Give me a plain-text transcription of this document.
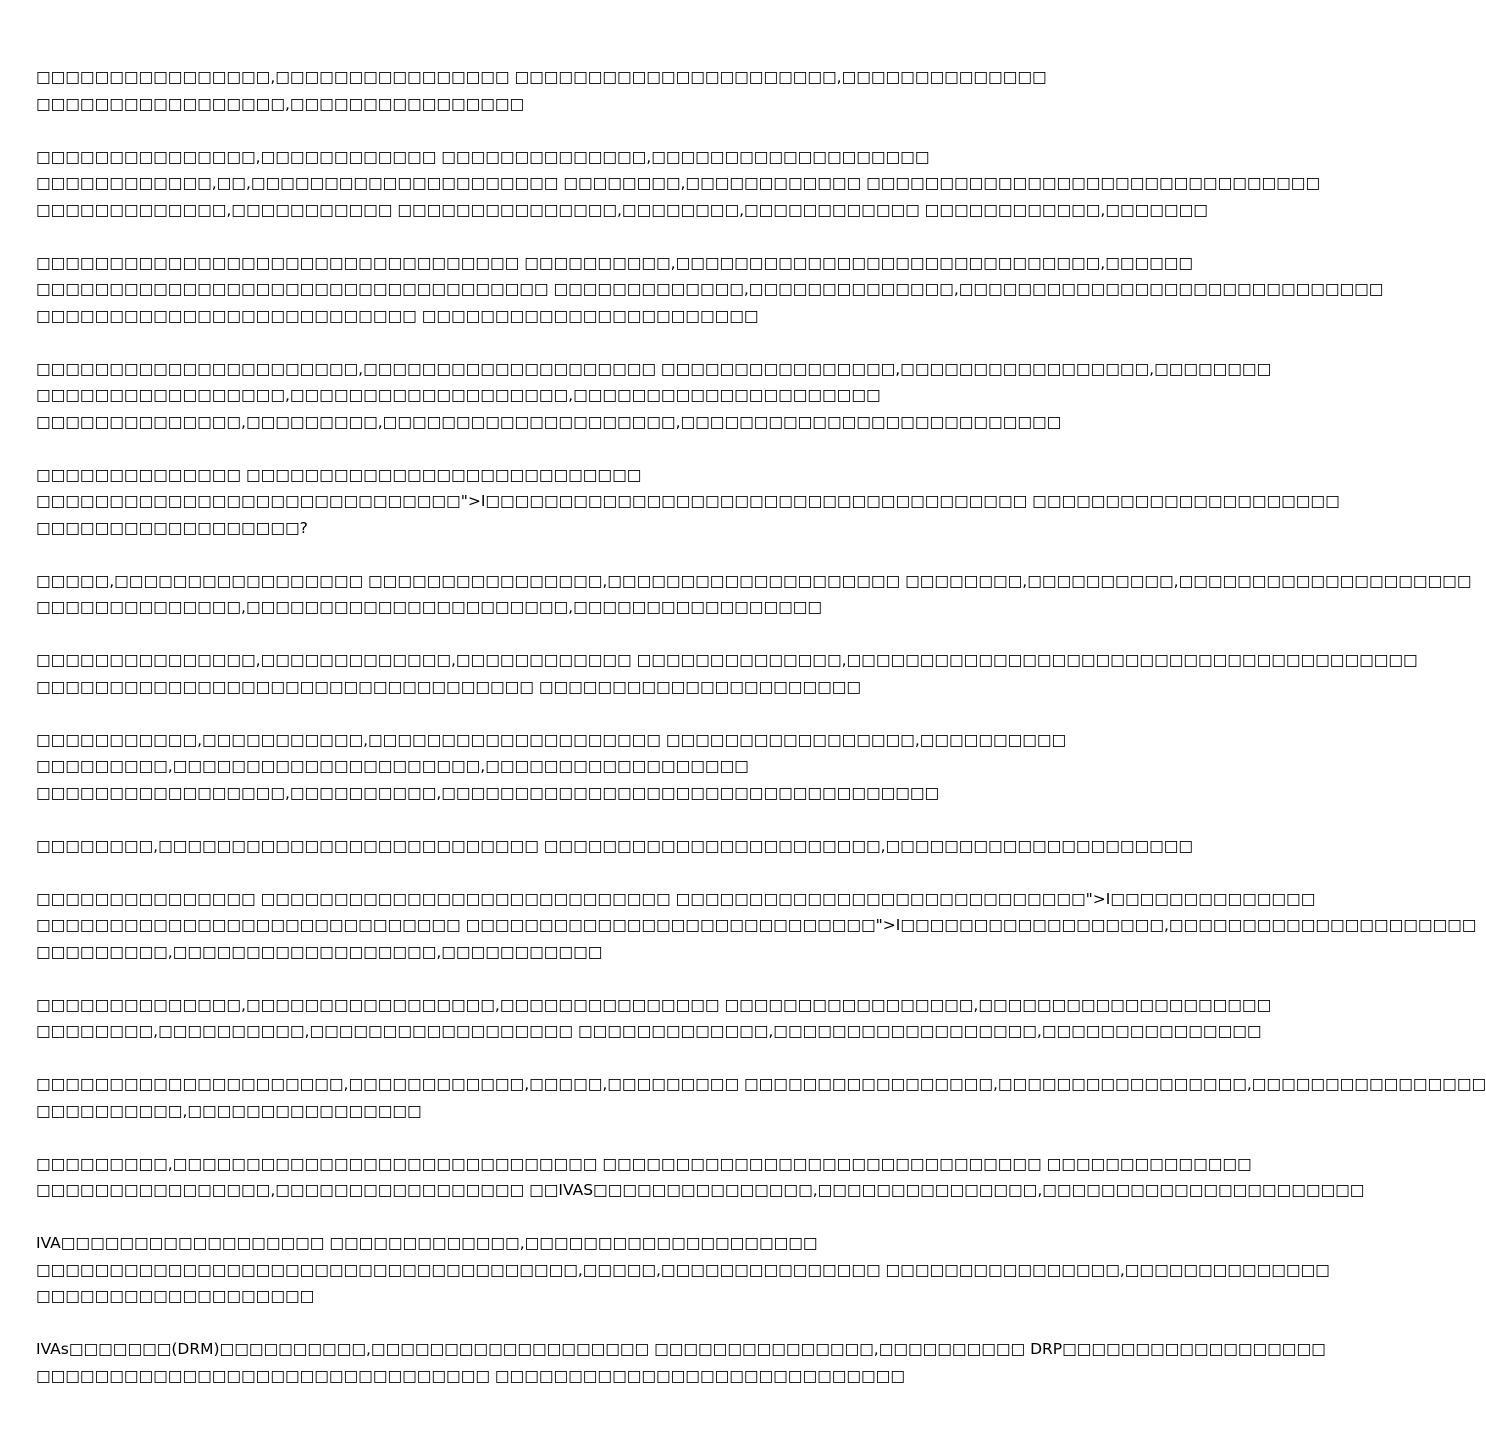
□□□□□□□□□□□□□□□□,□□□□□□□□□□□□□□□□ □□□□□□□□□□□□□□□□□□□□□□,□□□□□□□□□□□□□□
□□□□□□□□□□□□□□□□□,□□□□□□□□□□□□□□□□

□□□□□□□□□□□□□□□,□□□□□□□□□□□□ □□□□□□□□□□□□□□,□□□□□□□□□□□□□□□□□□□
□□□□□□□□□□□□,□□,□□□□□□□□□□□□□□□□□□□□□ □□□□□□□□,□□□□□□□□□□□□ □□□□□□□□□□□□□□□□□□□□□□□□□□□□□□□
□□□□□□□□□□□□□,□□□□□□□□□□□ □□□□□□□□□□□□□□□,□□□□□□□□,□□□□□□□□□□□□ □□□□□□□□□□□□,□□□□□□□

□□□□□□□□□□□□□□□□□□□□□□□□□□□□□□□□□ □□□□□□□□□□,□□□□□□□□□□□□□□□□□□□□□□□□□□□□□,□□□□□□
□□□□□□□□□□□□□□□□□□□□□□□□□□□□□□□□□□□ □□□□□□□□□□□□□,□□□□□□□□□□□□□□,□□□□□□□□□□□□□□□□□□□□□□□□□□□□□
□□□□□□□□□□□□□□□□□□□□□□□□□□ □□□□□□□□□□□□□□□□□□□□□□□

□□□□□□□□□□□□□□□□□□□□□□,□□□□□□□□□□□□□□□□□□□□ □□□□□□□□□□□□□□□□,□□□□□□□□□□□□□□□□□,□□□□□□□□
□□□□□□□□□□□□□□□□□,□□□□□□□□□□□□□□□□□□□,□□□□□□□□□□□□□□□□□□□□□
□□□□□□□□□□□□□□,□□□□□□□□□,□□□□□□□□□□□□□□□□□□□□,□□□□□□□□□□□□□□□□□□□□□□□□□□

□□□□□□□□□□□□□□ □□□□□□□□□□□□□□□□□□□□□□□□□□□
□□□□□□□□□□□□□□□□□□□□□□□□□□□□□">I□□□□□□□□□□□□□□□□□□□□□□□□□□□□□□□□□□□□□ □□□□□□□□□□□□□□□□□□□□□
□□□□□□□□□□□□□□□□□□?

□□□□□,□□□□□□□□□□□□□□□□□ □□□□□□□□□□□□□□□□,□□□□□□□□□□□□□□□□□□□□ □□□□□□□□,□□□□□□□□□□,□□□□□□□□□□□□□□□□□□□□
□□□□□□□□□□□□□□,□□□□□□□□□□□□□□□□□□□□□□,□□□□□□□□□□□□□□□□□

□□□□□□□□□□□□□□□,□□□□□□□□□□□□□,□□□□□□□□□□□□ □□□□□□□□□□□□□□,□□□□□□□□□□□□□□□□□□□□□□□□□□□□□□□□□□□□□□□
□□□□□□□□□□□□□□□□□□□□□□□□□□□□□□□□□□ □□□□□□□□□□□□□□□□□□□□□□

□□□□□□□□□□□,□□□□□□□□□□□,□□□□□□□□□□□□□□□□□□□□ □□□□□□□□□□□□□□□□□,□□□□□□□□□□
□□□□□□□□□,□□□□□□□□□□□□□□□□□□□□□,□□□□□□□□□□□□□□□□□□
□□□□□□□□□□□□□□□□□,□□□□□□□□□□,□□□□□□□□□□□□□□□□□□□□□□□□□□□□□□□□□□

□□□□□□□□,□□□□□□□□□□□□□□□□□□□□□□□□□□ □□□□□□□□□□□□□□□□□□□□□□□,□□□□□□□□□□□□□□□□□□□□□

□□□□□□□□□□□□□□□ □□□□□□□□□□□□□□□□□□□□□□□□□□□□ □□□□□□□□□□□□□□□□□□□□□□□□□□□□">I□□□□□□□□□□□□□□
□□□□□□□□□□□□□□□□□□□□□□□□□□□□□ □□□□□□□□□□□□□□□□□□□□□□□□□□□□">I□□□□□□□□□□□□□□□□□□,□□□□□□□□□□□□□□□□□□□□□
□□□□□□□□□,□□□□□□□□□□□□□□□□□□,□□□□□□□□□□□

□□□□□□□□□□□□□□,□□□□□□□□□□□□□□□□□,□□□□□□□□□□□□□□□ □□□□□□□□□□□□□□□□□,□□□□□□□□□□□□□□□□□□□□
□□□□□□□□,□□□□□□□□□□,□□□□□□□□□□□□□□□□□□ □□□□□□□□□□□□□,□□□□□□□□□□□□□□□□□□,□□□□□□□□□□□□□□□

□□□□□□□□□□□□□□□□□□□□□,□□□□□□□□□□□□,□□□□□,□□□□□□□□□ □□□□□□□□□□□□□□□□□,□□□□□□□□□□□□□□□□□,□□□□□□□□□□□□□□□□
□□□□□□□□□□,□□□□□□□□□□□□□□□□

□□□□□□□□□,□□□□□□□□□□□□□□□□□□□□□□□□□□□□□ □□□□□□□□□□□□□□□□□□□□□□□□□□□□□□ □□□□□□□□□□□□□□
□□□□□□□□□□□□□□□□,□□□□□□□□□□□□□□□□□ □□IVAS□□□□□□□□□□□□□□□,□□□□□□□□□□□□□□□,□□□□□□□□□□□□□□□□□□□□□□

IVA□□□□□□□□□□□□□□□□□□ □□□□□□□□□□□□□,□□□□□□□□□□□□□□□□□□□□
□□□□□□□□□□□□□□□□□□□□□□□□□□□□□□□□□□□□□,□□□□□,□□□□□□□□□□□□□□□ □□□□□□□□□□□□□□□□,□□□□□□□□□□□□□□
□□□□□□□□□□□□□□□□□□□

IVAs□□□□□□□(DRM)□□□□□□□□□□,□□□□□□□□□□□□□□□□□□□ □□□□□□□□□□□□□□□,□□□□□□□□□□ DRP□□□□□□□□□□□□□□□□□□
□□□□□□□□□□□□□□□□□□□□□□□□□□□□□□□ □□□□□□□□□□□□□□□□□□□□□□□□□□□□
